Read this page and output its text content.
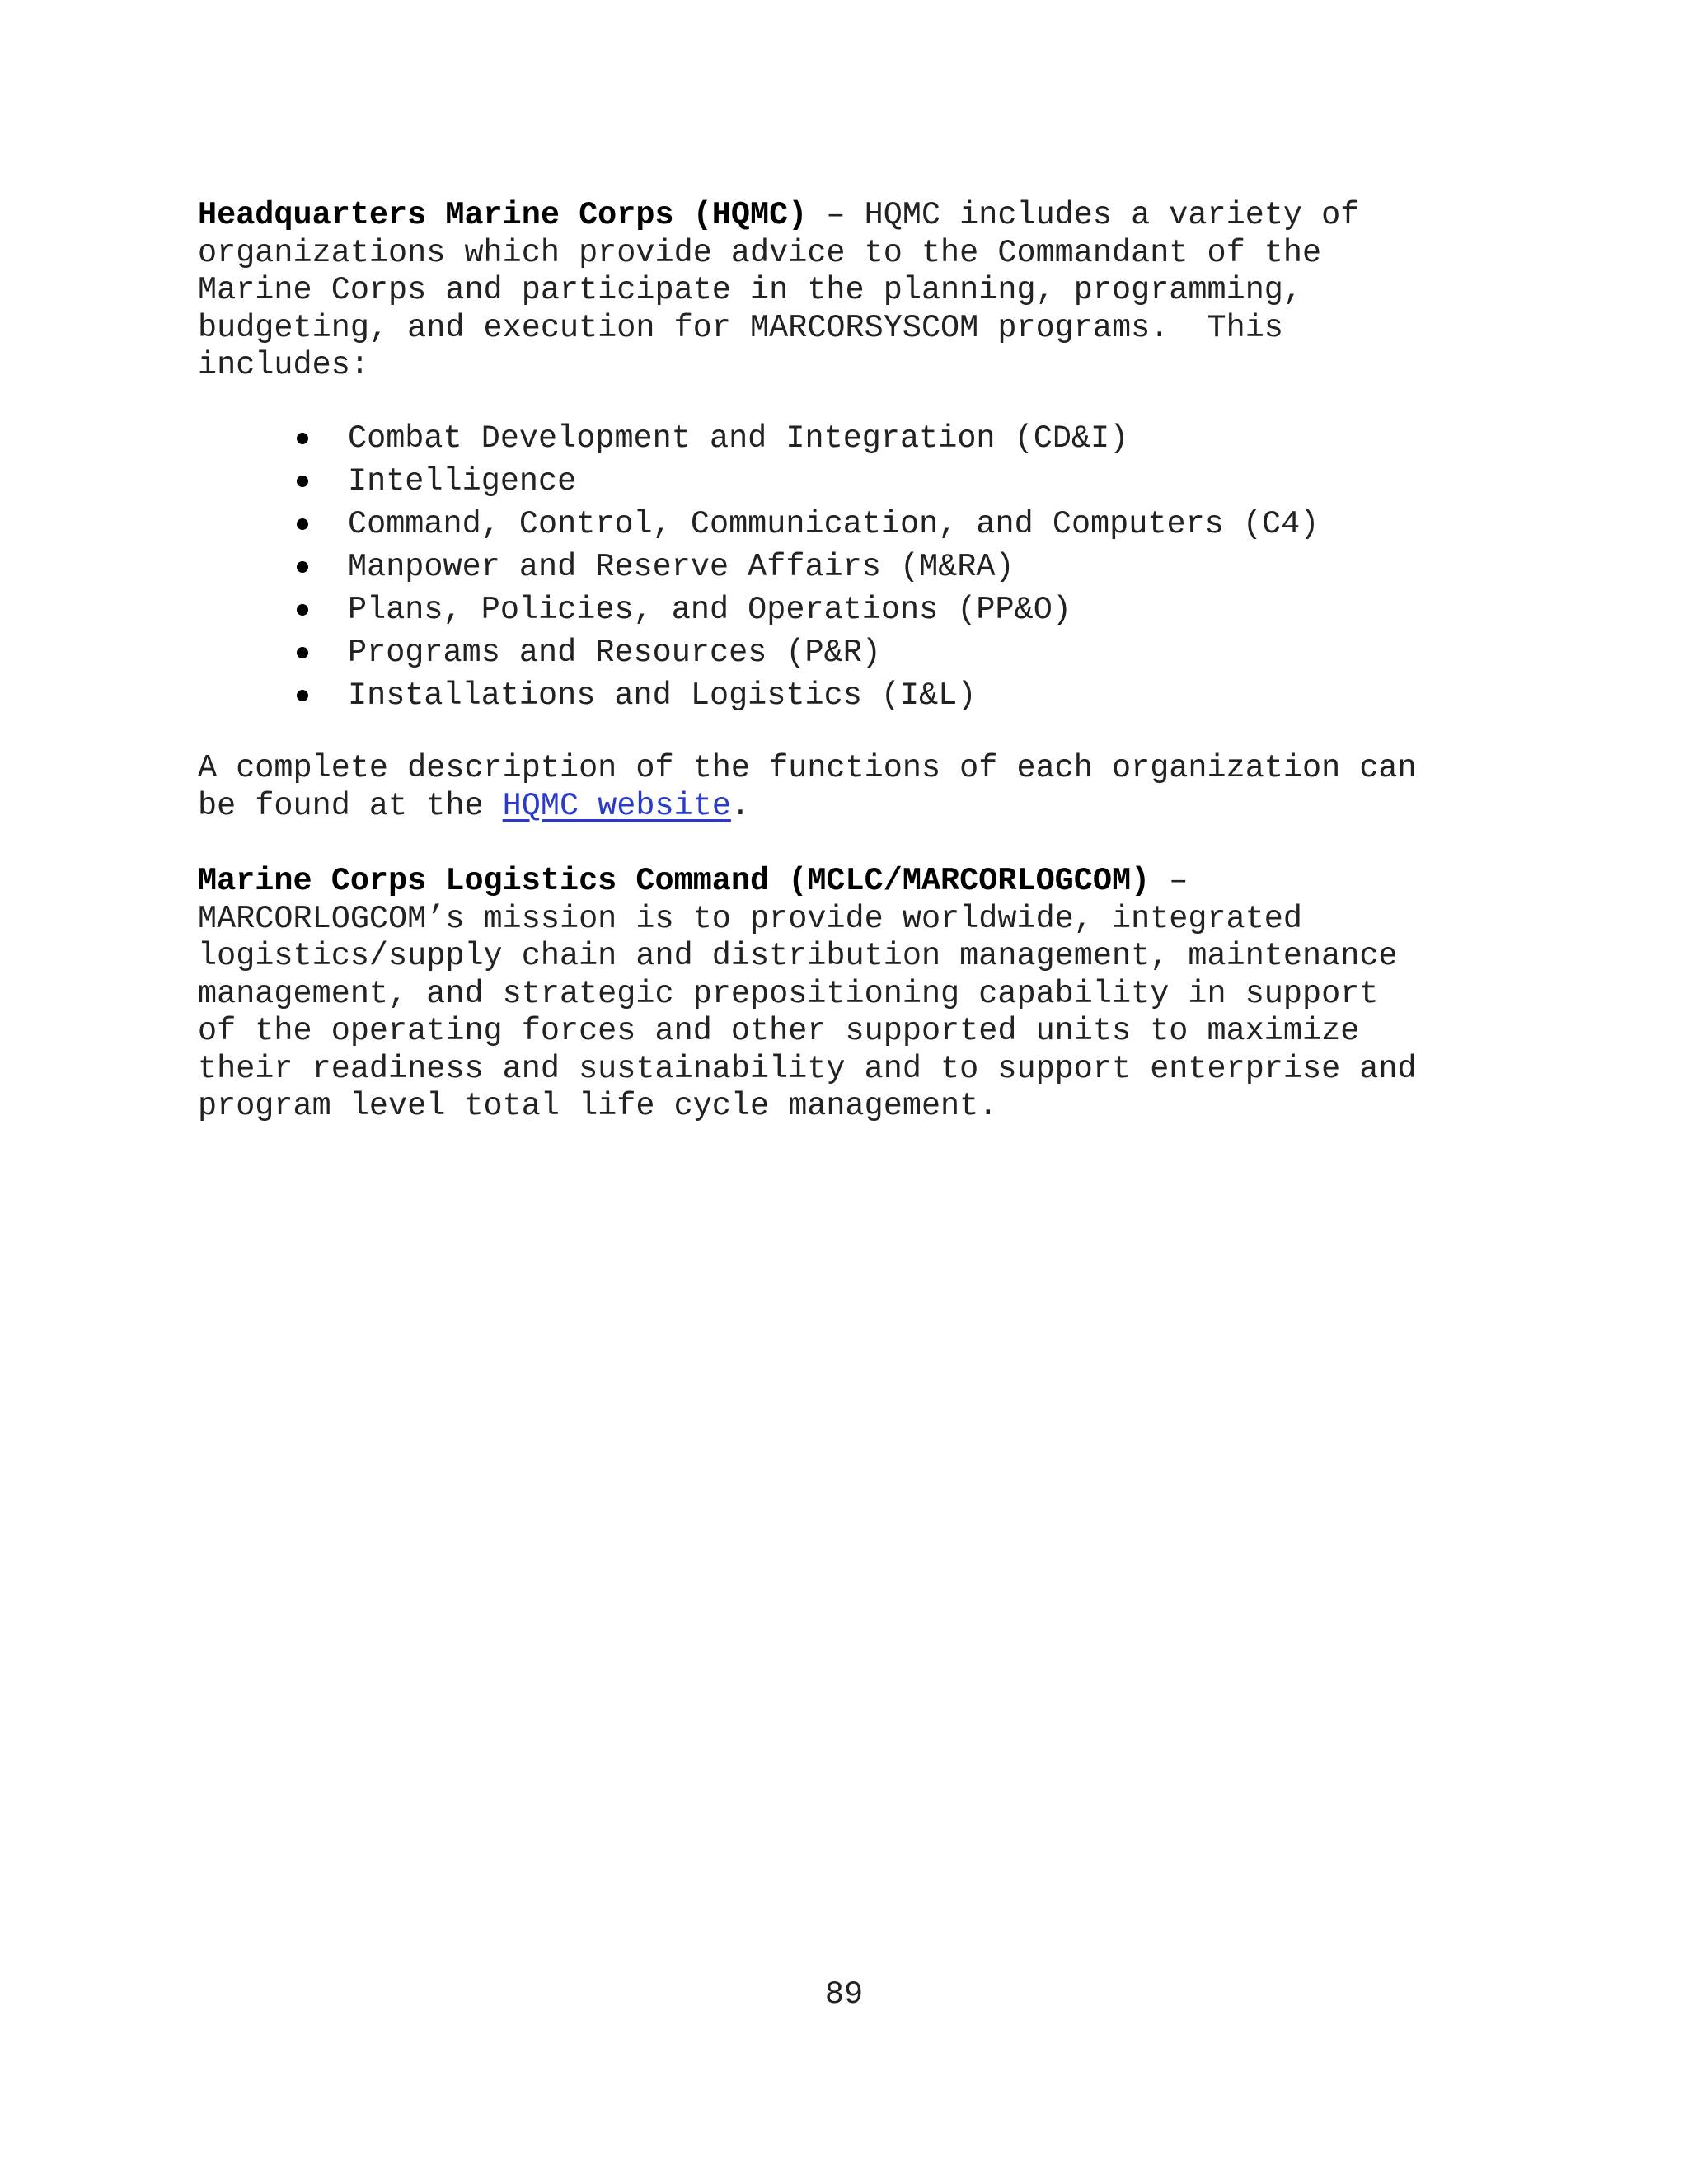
Headquarters Marine Corps (HQMC) – HQMC includes a variety of
organizations which provide advice to the Commandant of the
Marine Corps and participate in the planning, programming,
budgeting, and execution for MARCORSYSCOM programs.  This
includes:
Combat Development and Integration (CD&I)
Intelligence
Command, Control, Communication, and Computers (C4)
Manpower and Reserve Affairs (M&RA)
Plans, Policies, and Operations (PP&O)
Programs and Resources (P&R)
Installations and Logistics (I&L)
A complete description of the functions of each organization can
be found at the HQMC website.
Marine Corps Logistics Command (MCLC/MARCORLOGCOM) –
MARCORLOGCOM’s mission is to provide worldwide, integrated
logistics/supply chain and distribution management, maintenance
management, and strategic prepositioning capability in support
of the operating forces and other supported units to maximize
their readiness and sustainability and to support enterprise and
program level total life cycle management.
89
